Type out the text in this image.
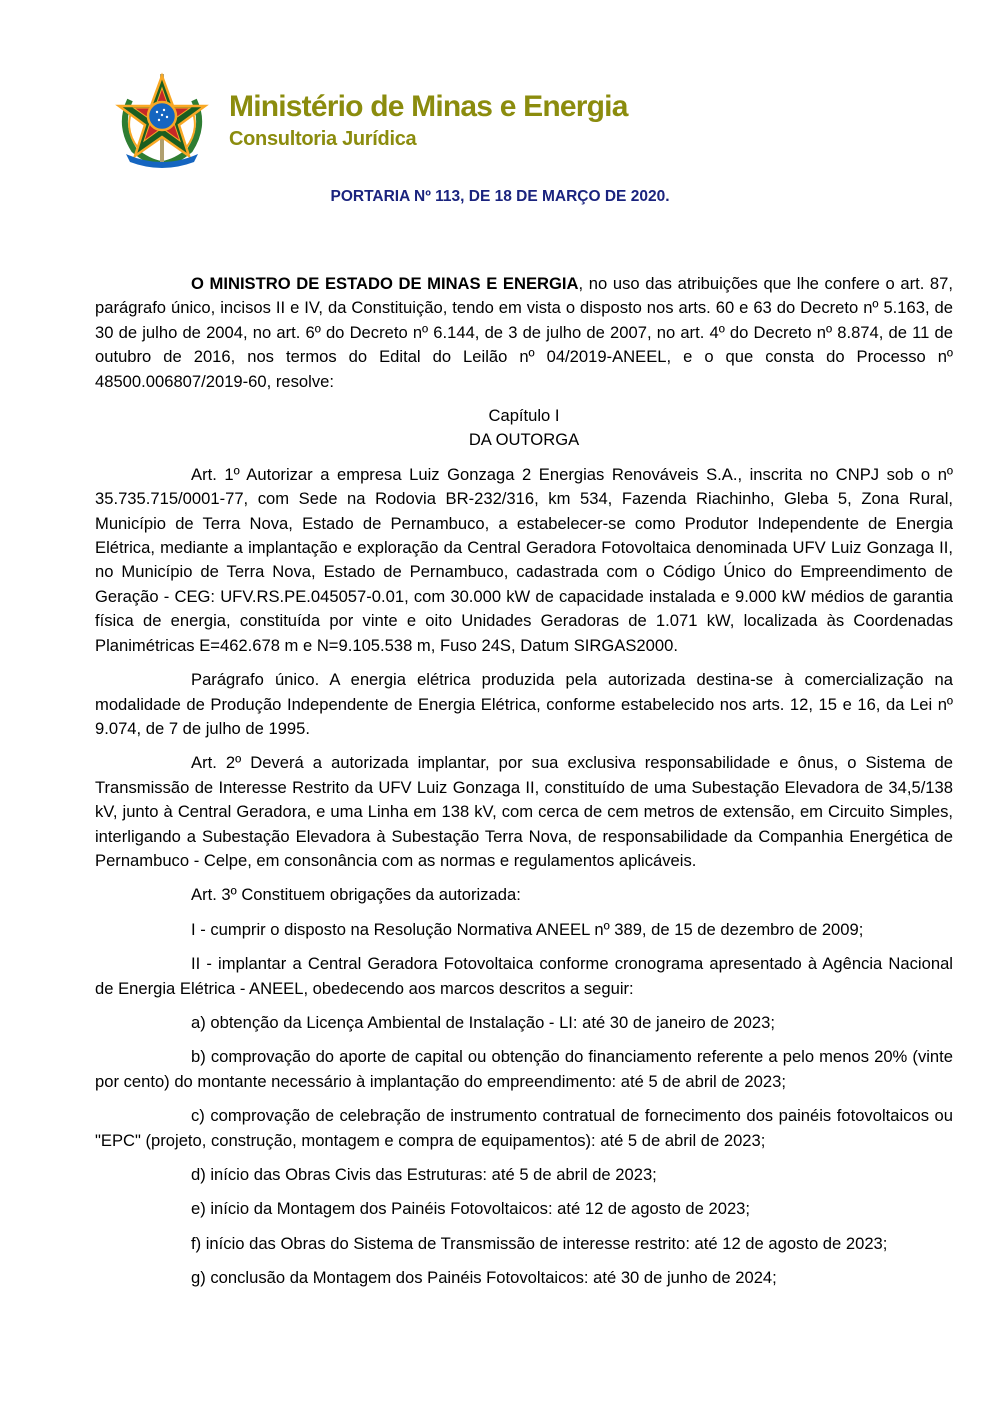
Ministério de Minas e Energia
Consultoria Jurídica
PORTARIA Nº 113, DE 18 DE MARÇO DE 2020.

O MINISTRO DE ESTADO DE MINAS E ENERGIA, no uso das atribuições que lhe confere o art. 87, parágrafo único, incisos II e IV, da Constituição, tendo em vista o disposto nos arts. 60 e 63 do Decreto nº 5.163, de 30 de julho de 2004, no art. 6º do Decreto nº 6.144, de 3 de julho de 2007, no art. 4º do Decreto nº 8.874, de 11 de outubro de 2016, nos termos do Edital do Leilão nº 04/2019-ANEEL, e o que consta do Processo nº 48500.006807/2019-60, resolve:

Capítulo I

DA OUTORGA

Art. 1º Autorizar a empresa Luiz Gonzaga 2 Energias Renováveis S.A., inscrita no CNPJ sob o nº 35.735.715/0001-77, com Sede na Rodovia BR-232/316, km 534, Fazenda Riachinho, Gleba 5, Zona Rural, Município de Terra Nova, Estado de Pernambuco, a estabelecer-se como Produtor Independente de Energia Elétrica, mediante a implantação e exploração da Central Geradora Fotovoltaica denominada UFV Luiz Gonzaga II, no Município de Terra Nova, Estado de Pernambuco, cadastrada com o Código Único do Empreendimento de Geração - CEG: UFV.RS.PE.045057-0.01, com 30.000 kW de capacidade instalada e 9.000 kW médios de garantia física de energia, constituída por vinte e oito Unidades Geradoras de 1.071 kW, localizada às Coordenadas Planimétricas E=462.678 m e N=9.105.538 m, Fuso 24S, Datum SIRGAS2000.

Parágrafo único. A energia elétrica produzida pela autorizada destina-se à comercialização na modalidade de Produção Independente de Energia Elétrica, conforme estabelecido nos arts. 12, 15 e 16, da Lei nº 9.074, de 7 de julho de 1995.

Art. 2º Deverá a autorizada implantar, por sua exclusiva responsabilidade e ônus, o Sistema de Transmissão de Interesse Restrito da UFV Luiz Gonzaga II, constituído de uma Subestação Elevadora de 34,5/138 kV, junto à Central Geradora, e uma Linha em 138 kV, com cerca de cem metros de extensão, em Circuito Simples, interligando a Subestação Elevadora à Subestação Terra Nova, de responsabilidade da Companhia Energética de Pernambuco - Celpe, em consonância com as normas e regulamentos aplicáveis.

Art. 3º Constituem obrigações da autorizada:

I - cumprir o disposto na Resolução Normativa ANEEL nº 389, de 15 de dezembro de 2009;

II - implantar a Central Geradora Fotovoltaica conforme cronograma apresentado à Agência Nacional de Energia Elétrica - ANEEL, obedecendo aos marcos descritos a seguir:

a) obtenção da Licença Ambiental de Instalação - LI: até 30 de janeiro de 2023;

b) comprovação do aporte de capital ou obtenção do financiamento referente a pelo menos 20% (vinte por cento) do montante necessário à implantação do empreendimento: até 5 de abril de 2023;

c) comprovação de celebração de instrumento contratual de fornecimento dos painéis fotovoltaicos ou "EPC" (projeto, construção, montagem e compra de equipamentos): até 5 de abril de 2023;

d) início das Obras Civis das Estruturas: até 5 de abril de 2023;

e) início da Montagem dos Painéis Fotovoltaicos: até 12 de agosto de 2023;

f) início das Obras do Sistema de Transmissão de interesse restrito: até 12 de agosto de 2023;

g) conclusão da Montagem dos Painéis Fotovoltaicos: até 30 de junho de 2024;
